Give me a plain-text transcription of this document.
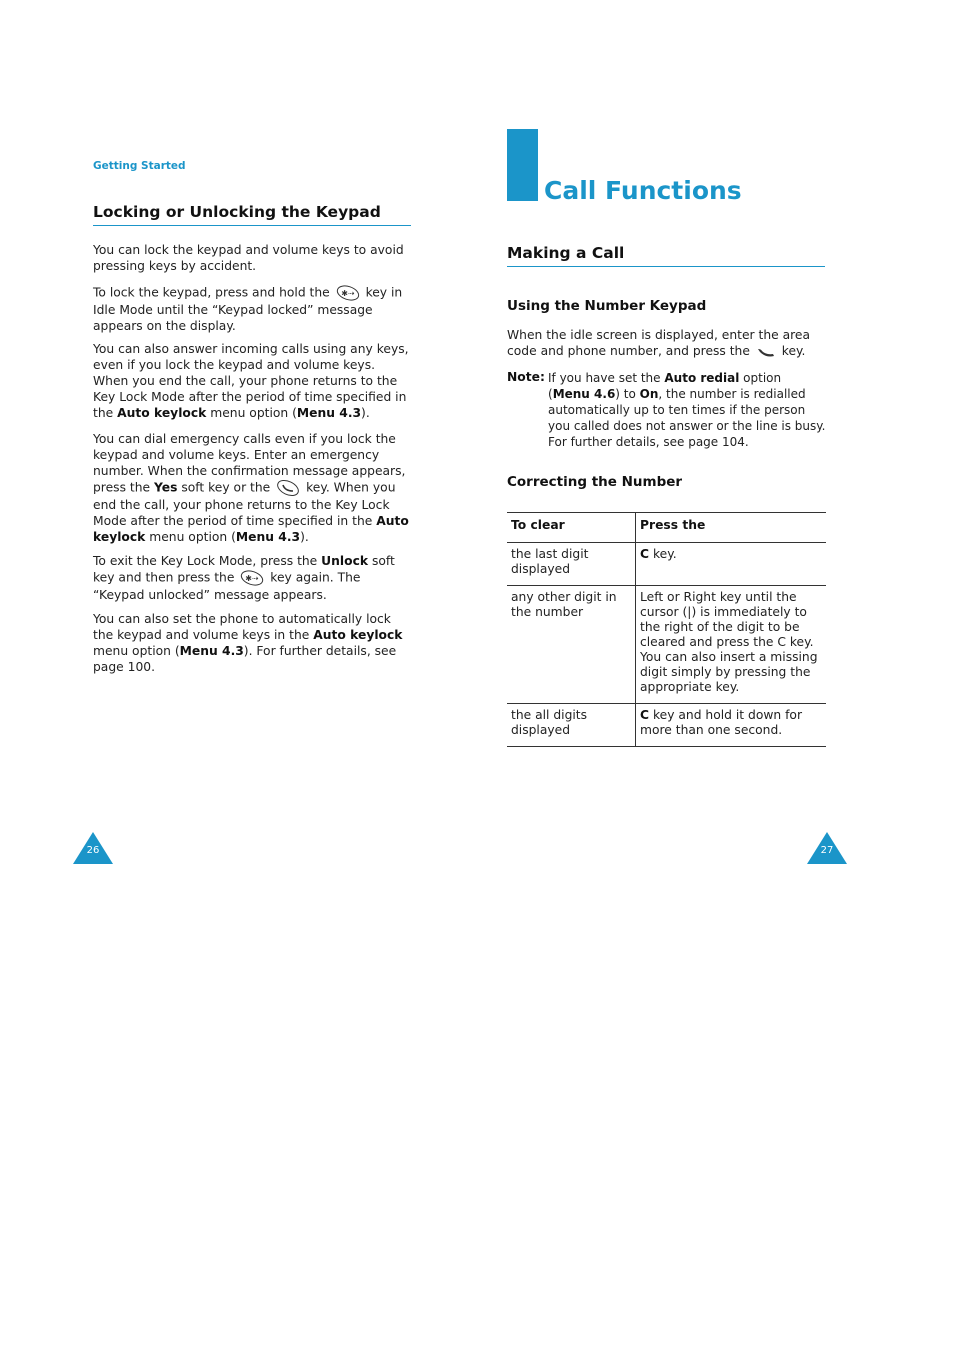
Getting Started
Locking or Unlocking the Keypad

You can lock the keypad and volume keys to avoid pressing keys by accident.

To lock the keypad, press and hold the ✱⇢ key in Idle Mode until the “Keypad locked” message appears on the display.

You can also answer incoming calls using any keys, even if you lock the keypad and volume keys. When you end the call, your phone returns to the Key Lock Mode after the period of time specified in the Auto keylock menu option (Menu 4.3).

You can dial emergency calls even if you lock the keypad and volume keys. Enter an emergency number. When the confirmation message appears, press the Yes soft key or the	key. When you end the call, your phone returns to the Key Lock Mode after the period of time specified in the Auto keylock menu option (Menu 4.3).

To exit the Key Lock Mode, press the Unlock soft key and then press the ✱⇢ key again. The “Keypad unlocked” message appears.

You can also set the phone to automatically lock the keypad and volume keys in the Auto keylock menu option (Menu 4.3). For further details, see page 100.

Call Functions
Making a Call
Using the Number Keypad

When the idle screen is displayed, enter the area code and phone number, and press the	key.

Note: If you have set the Auto redial option (Menu 4.6) to On, the number is redialled automatically up to ten times if the person you called does not answer or the line is busy. For further details, see page 104.

Correcting the Number
To clear	Press the
the last digit displayed	C key.
any other digit in the number	Left or Right key until the cursor (|) is immediately to the right of the digit to be cleared and press the C key. You can also insert a missing digit simply by pressing the appropriate key.
the all digits displayed	C key and hold it down for more than one second.
26	27
